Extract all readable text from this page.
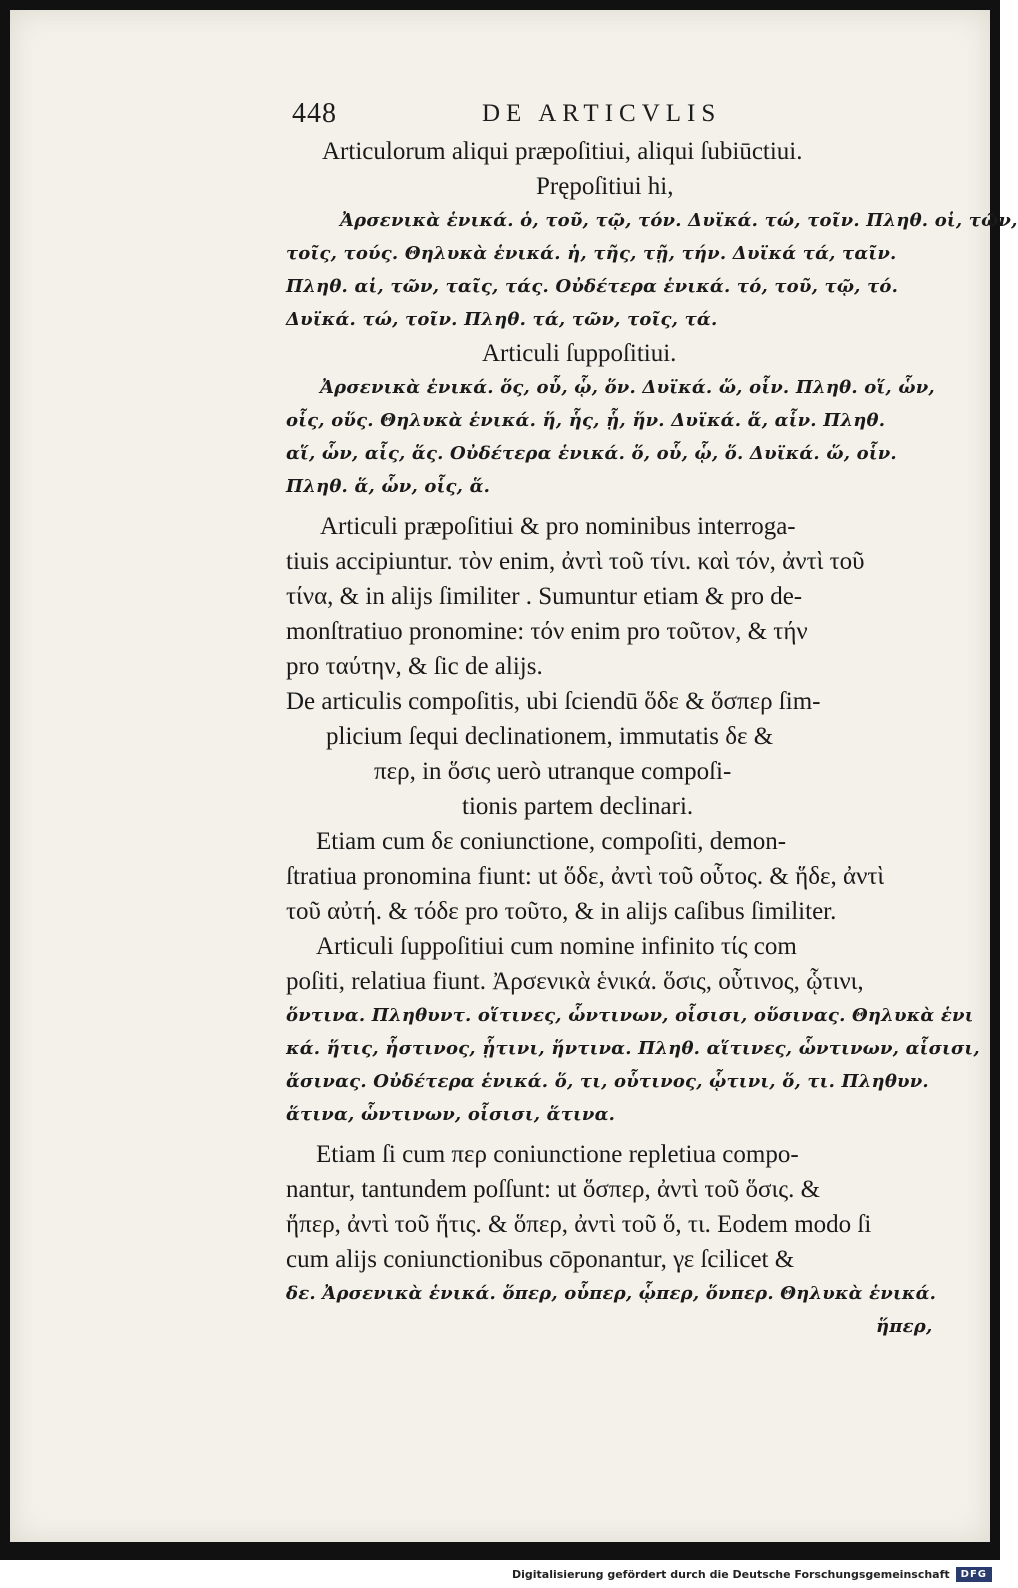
448	DE ARTICVLIS
Articulorum aliqui præpoſitiui, aliqui ſubiūctiui.
Prępoſitiui hi,
Ἀρσενικὰ ἑνικά. ὁ, τοῦ, τῷ, τόν. Δυϊκά. τώ, τοῖν. Πληθ. οἱ, τῶν,
τοῖς, τούς. Θηλυκὰ ἑνικά. ἡ, τῆς, τῇ, τήν. Δυϊκά τά, ταῖν.
Πληθ. αἱ, τῶν, ταῖς, τάς. Οὐδέτερα ἑνικά. τό, τοῦ, τῷ, τό.
Δυϊκά. τώ, τοῖν. Πληθ. τά, τῶν, τοῖς, τά.
Articuli ſuppoſitiui.
Ἀρσενικὰ ἑνικά. ὅς, οὗ, ᾧ, ὅν. Δυϊκά. ὥ, οἷν. Πληθ. οἵ, ὧν,
οἷς, οὕς. Θηλυκὰ ἑνικά. ἥ, ἧς, ᾗ, ἥν. Δυϊκά. ἅ, αἷν. Πληθ.
αἵ, ὧν, αἷς, ἅς. Οὐδέτερα ἑνικά. ὅ, οὗ, ᾧ, ὅ. Δυϊκά. ὥ, οἷν.
Πληθ. ἅ, ὧν, οἷς, ἅ.
Articuli præpoſitiui & pro nominibus interroga-
tiuis accipiuntur. τὸν enim, ἀντὶ τοῦ τίνι. καὶ τόν, ἀντὶ τοῦ
τίνα, & in alijs ſimiliter . Sumuntur etiam & pro de-
monſtratiuo pronomine: τόν enim pro τοῦτον, & τήν
pro ταύτην, & ſic de alijs.
De articulis compoſitis, ubi ſciendū ὅδε & ὅσπερ ſim-
plicium ſequi declinationem, immutatis δε &
περ, in ὅσις uerò utranque compoſi-
tionis partem declinari.
Etiam cum δε coniunctione, compoſiti, demon-
ſtratiua pronomina fiunt: ut ὅδε, ἀντὶ τοῦ οὗτος. & ἥδε, ἀντὶ
τοῦ αὐτή. & τόδε pro τοῦτο, & in alijs caſibus ſimiliter.
Articuli ſuppoſitiui cum nomine infinito τίς com
poſiti, relatiua fiunt. Ἀρσενικὰ ἑνικά. ὅσις, οὗτινος, ᾧτινι,
ὅντινα. Πληθυντ. οἵτινες, ὧντινων, οἷσισι, οὕσινας. Θηλυκὰ ἑνι
κά. ἥτις, ἧστινος, ᾗτινι, ἥντινα. Πληθ. αἵτινες, ὧντινων, αἷσισι,
ἅσινας. Οὐδέτερα ἑνικά. ὅ, τι, οὗτινος, ᾧτινι, ὅ, τι. Πληθυν.
ἅτινα, ὧντινων, οἷσισι, ἅτινα.
Etiam ſi cum περ coniunctione repletiua compo-
nantur, tantundem poſſunt: ut ὅσπερ, ἀντὶ τοῦ ὅσις. &
ἥπερ, ἀντὶ τοῦ ἥτις. & ὅπερ, ἀντὶ τοῦ ὅ, τι. Eodem modo ſi
cum alijs coniunctionibus cōponantur, γε ſcilicet &
δε. Ἀρσενικὰ ἑνικά. ὅπερ, οὗπερ, ᾧπερ, ὅνπερ. Θηλυκὰ ἑνικά.
ἥπερ,
Digitalisierung gefördert durch die Deutsche Forschungsgemeinschaft	DFG
